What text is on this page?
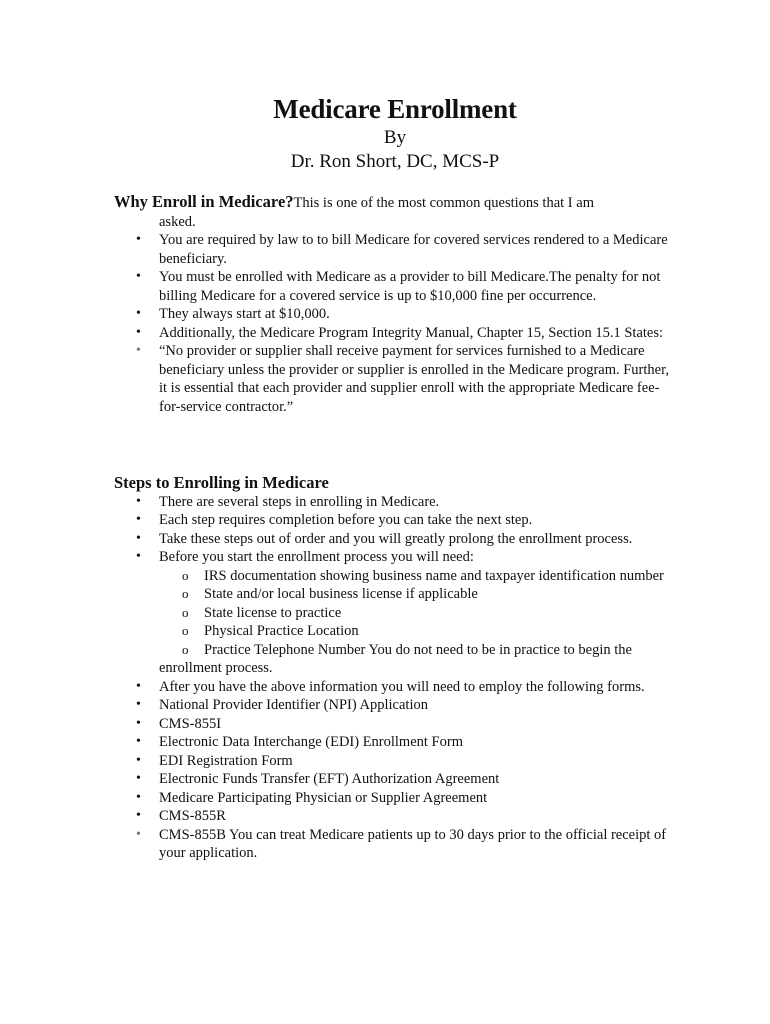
Medicare Enrollment

By

Dr. Ron Short, DC, MCS-P

Why Enroll in Medicare?This is one of the most common questions that I am
asked.

• You are required by law to to bill Medicare for covered services rendered to a Medicare beneficiary.
• You must be enrolled with Medicare as a provider to bill Medicare.The penalty for not billing Medicare for a covered service is up to $10,000 fine per occurrence.
• They always start at $10,000.
• Additionally, the Medicare Program Integrity Manual, Chapter 15, Section 15.1 States:
• “No provider or supplier shall receive payment for services furnished to a Medicare beneficiary unless the provider or supplier is enrolled in the Medicare program. Further, it is essential that each provider and supplier enroll with the appropriate Medicare fee-for-service contractor.”
Steps to Enrolling in Medicare
• There are several steps in enrolling in Medicare.
• Each step requires completion before you can take the next step.
• Take these steps out of order and you will greatly prolong the enrollment process.
• Before you start the enrollment process you will need:
o IRS documentation showing business name and taxpayer identification number
o State and/or local business license if applicable
o State license to practice
o Physical Practice Location
o Practice Telephone Number You do not need to be in practice to begin the
enrollment process.
• After you have the above information you will need to employ the following forms.
• National Provider Identifier (NPI) Application
• CMS-855I
• Electronic Data Interchange (EDI) Enrollment Form
• EDI Registration Form
• Electronic Funds Transfer (EFT) Authorization Agreement
• Medicare Participating Physician or Supplier Agreement
• CMS-855R
• CMS-855B You can treat Medicare patients up to 30 days prior to the official receipt of your application.
